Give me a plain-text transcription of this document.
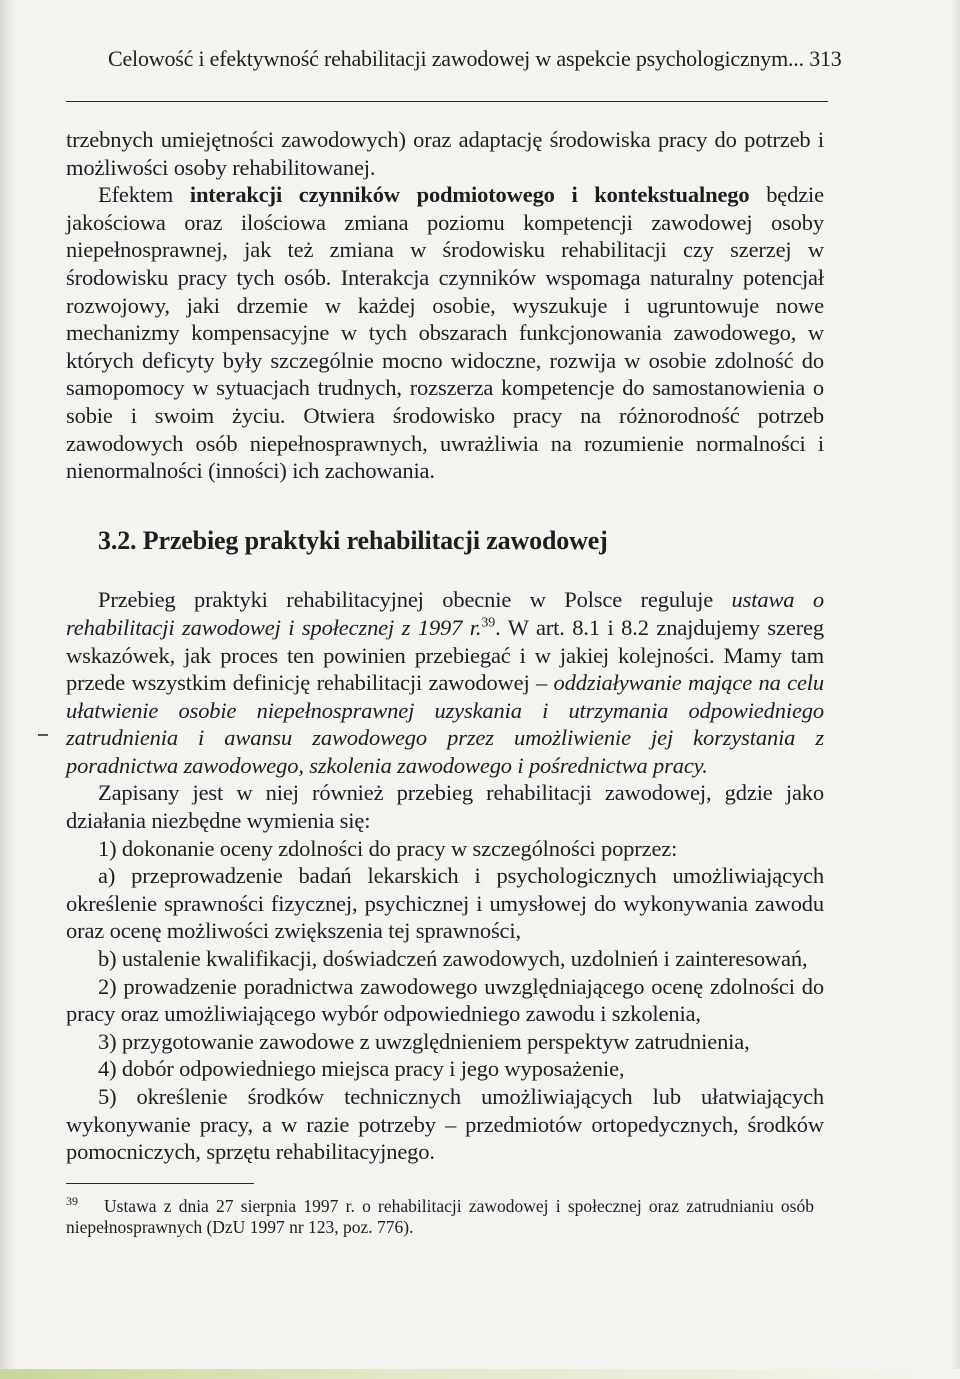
Celowość i efektywność rehabilitacji zawodowej w aspekcie psychologicznym... 313

trzebnych umiejętności zawodowych) oraz adaptację środowiska pracy do potrzeb i możliwości osoby rehabilitowanej.

Efektem interakcji czynników podmiotowego i kontekstualnego będzie jakościowa oraz ilościowa zmiana poziomu kompetencji zawodowej osoby niepełnosprawnej, jak też zmiana w środowisku rehabilitacji czy szerzej w środowisku pracy tych osób. Interakcja czynników wspomaga naturalny potencjał rozwojowy, jaki drzemie w każdej osobie, wyszukuje i ugruntowuje nowe mechanizmy kompensacyjne w tych obszarach funkcjonowania zawodowego, w których deficyty były szczególnie mocno widoczne, rozwija w osobie zdolność do samopomocy w sytuacjach trudnych, rozszerza kompetencje do samostanowienia o sobie i swoim życiu. Otwiera środowisko pracy na różnorodność potrzeb zawodowych osób niepełnosprawnych, uwrażliwia na rozumienie normalności i nienormalności (inności) ich zachowania.

3.2. Przebieg praktyki rehabilitacji zawodowej

Przebieg praktyki rehabilitacyjnej obecnie w Polsce reguluje ustawa o rehabilitacji zawodowej i społecznej z 1997 r.$^{39}$. W art. 8.1 i 8.2 znajdujemy szereg wskazówek, jak proces ten powinien przebiegać i w jakiej kolejności. Mamy tam przede wszystkim definicję rehabilitacji zawodowej – oddziaływanie mające na celu ułatwienie osobie niepełnosprawnej uzyskania i utrzymania odpowiedniego zatrudnienia i awansu zawodowego przez umożliwienie jej korzystania z poradnictwa zawodowego, szkolenia zawodowego i pośrednictwa pracy.

Zapisany jest w niej również przebieg rehabilitacji zawodowej, gdzie jako działania niezbędne wymienia się:

1) dokonanie oceny zdolności do pracy w szczególności poprzez:

a) przeprowadzenie badań lekarskich i psychologicznych umożliwiających określenie sprawności fizycznej, psychicznej i umysłowej do wykonywania zawodu oraz ocenę możliwości zwiększenia tej sprawności,

b) ustalenie kwalifikacji, doświadczeń zawodowych, uzdolnień i zainteresowań,

2) prowadzenie poradnictwa zawodowego uwzględniającego ocenę zdolności do pracy oraz umożliwiającego wybór odpowiedniego zawodu i szkolenia,

3) przygotowanie zawodowe z uwzględnieniem perspektyw zatrudnienia,

4) dobór odpowiedniego miejsca pracy i jego wyposażenie,

5) określenie środków technicznych umożliwiających lub ułatwiających wykonywanie pracy, a w razie potrzeby – przedmiotów ortopedycznych, środków pomocniczych, sprzętu rehabilitacyjnego.

$^{39}$ Ustawa z dnia 27 sierpnia 1997 r. o rehabilitacji zawodowej i społecznej oraz zatrudnianiu osób niepełnosprawnych (DzU 1997 nr 123, poz. 776).
